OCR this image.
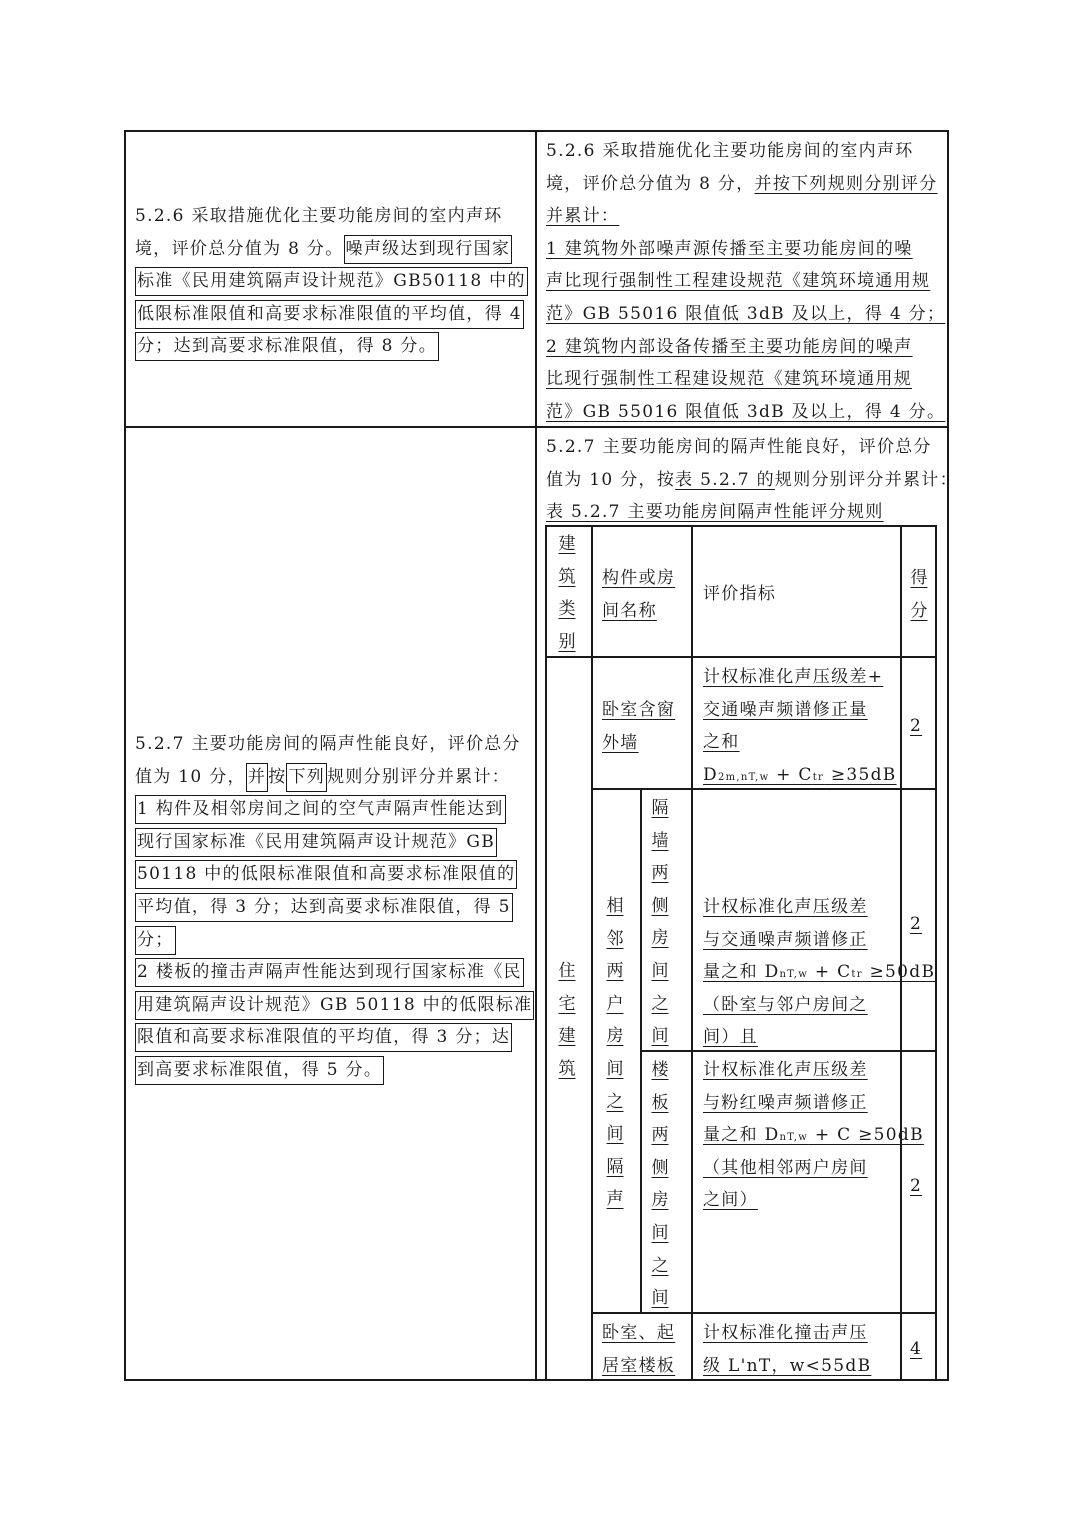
5.2.6 采取措施优化主要功能房间的室内声环
境，评价总分值为 8 分。 噪声级达到现行国家
标准《民用建筑隔声设计规范》GB50118 中的
低限标准限值和高要求标准限值的平均值，得 4
分；达到高要求标准限值，得 8 分。
5.2.6 采取措施优化主要功能房间的室内声环
境，评价总分值为 8 分，并按下列规则分别评分
并累计：
1 建筑物外部噪声源传播至主要功能房间的噪
声比现行强制性工程建设规范《建筑环境通用规
范》GB 55016 限值低 3dB 及以上，得 4 分；
2 建筑物内部设备传播至主要功能房间的噪声
比现行强制性工程建设规范《建筑环境通用规
范》GB 55016 限值低 3dB 及以上，得 4 分。
5.2.7 主要功能房间的隔声性能良好，评价总分
值为 10 分， 并 按 下列 规则分别评分并累计：
1 构件及相邻房间之间的空气声隔声性能达到
现行国家标准《民用建筑隔声设计规范》GB
50118 中的低限标准限值和高要求标准限值的
平均值，得 3 分；达到高要求标准限值，得 5
分；
2 楼板的撞击声隔声性能达到现行国家标准《民
用建筑隔声设计规范》GB 50118 中的低限标准
限值和高要求标准限值的平均值，得 3 分；达
到高要求标准限值，得 5 分。
5.2.7 主要功能房间的隔声性能良好，评价总分
值为 10 分，按表 5.2.7 的规则分别评分并累计：
表 5.2.7 主要功能房间隔声性能评分规则
建筑类别
构件或房
间名称
评价指标
得分
住宅建筑
卧室含窗
外墙
计权标准化声压级差+
交通噪声频谱修正量
之和
D2m,nT,w + Ctr ≥35dB
2
相邻两户房间之间隔声
隔墙两侧房间之间
计权标准化声压级差
与交通噪声频谱修正
量之和 DnT,w + Ctr ≥50dB
（卧室与邻户房间之
间）且
2
楼板两侧房间之间
计权标准化声压级差
与粉红噪声频谱修正
量之和 DnT,w + C ≥50dB
（其他相邻两户房间
之间）
2
卧室、起
居室楼板
计权标准化撞击声压
级 L'nT，w<55dB
4
